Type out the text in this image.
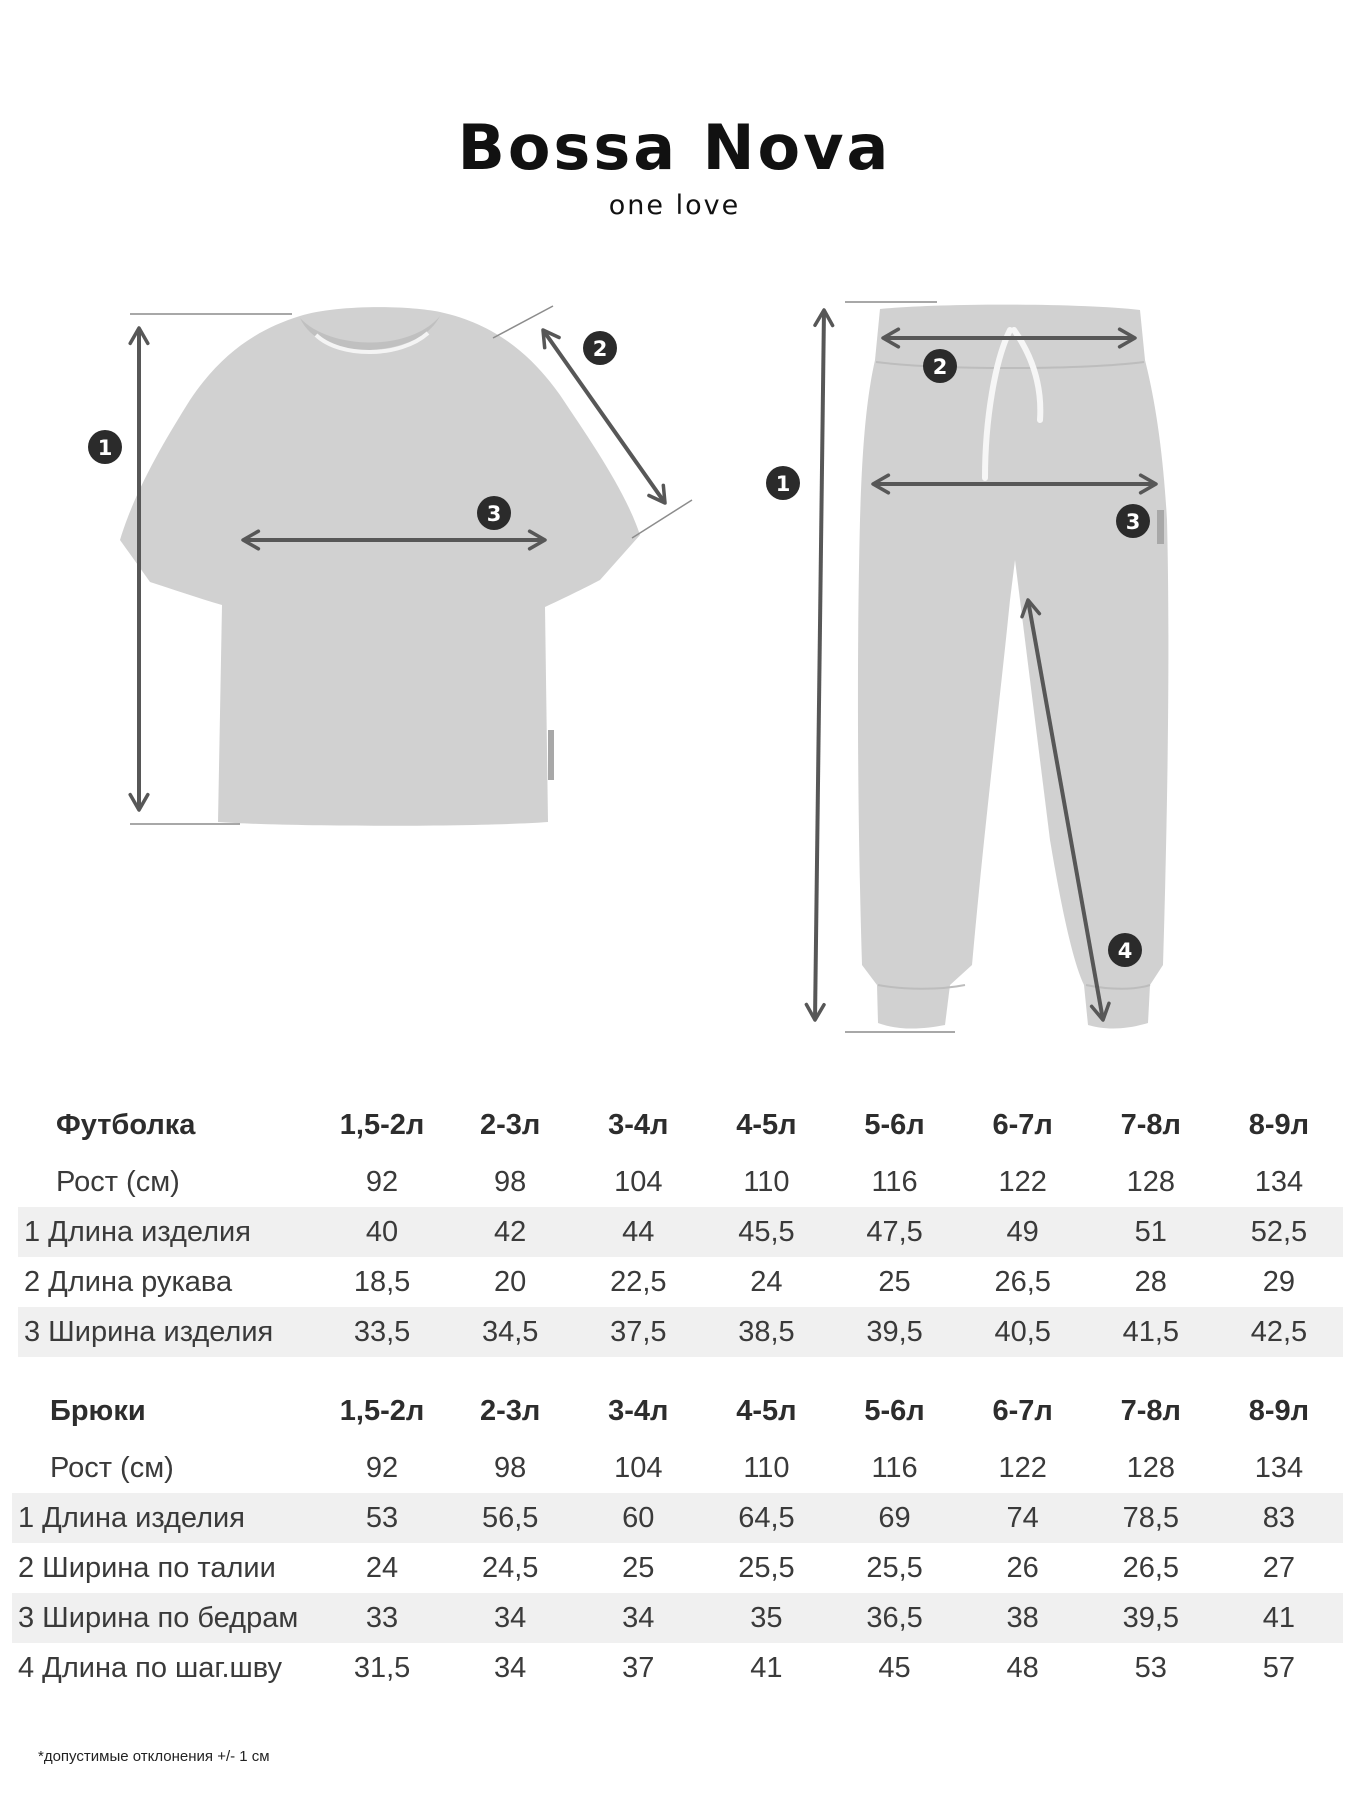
Bossa Nova
one love
1
2
3
1
2
3
4
Футболка	1,5-2л	2-3л	3-4л	4-5л	5-6л	6-7л	7-8л	8-9л
Рост (см)	92	98	104	110	116	122	128	134
1 Длина изделия	40	42	44	45,5	47,5	49	51	52,5
2 Длина рукава	18,5	20	22,5	24	25	26,5	28	29
3 Ширина изделия	33,5	34,5	37,5	38,5	39,5	40,5	41,5	42,5
Брюки	1,5-2л	2-3л	3-4л	4-5л	5-6л	6-7л	7-8л	8-9л
Рост (см)	92	98	104	110	116	122	128	134
1 Длина изделия	53	56,5	60	64,5	69	74	78,5	83
2 Ширина по талии	24	24,5	25	25,5	25,5	26	26,5	27
3 Ширина по бедрам	33	34	34	35	36,5	38	39,5	41
4 Длина по шаг.шву	31,5	34	37	41	45	48	53	57
*допустимые отклонения +/- 1 см
